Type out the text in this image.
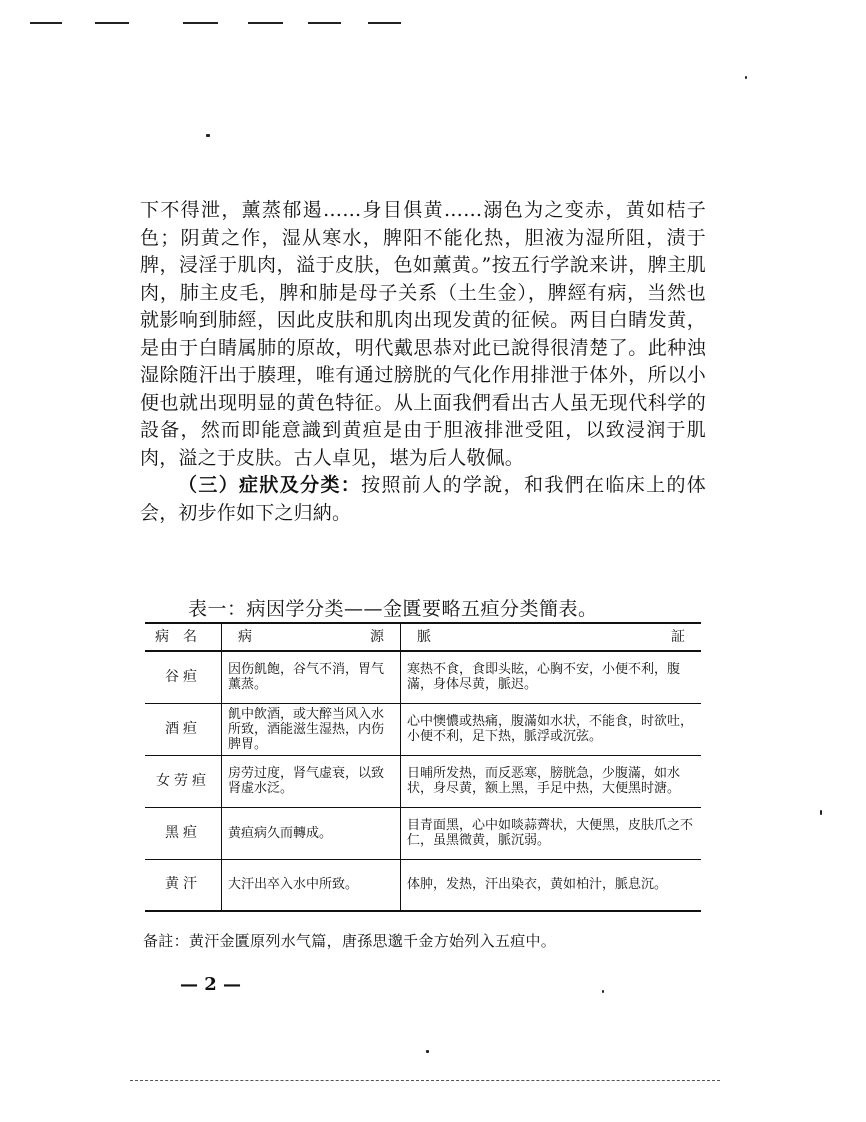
下不得泄，薰蒸郁遏……身目俱黄……溺色为之变赤，黄如桔子色；阴黄之作，湿从寒水，脾阳不能化热，胆液为湿所阻，渍于脾，浸淫于肌肉，溢于皮肤，色如薰黄。”按五行学說来讲，脾主肌肉，肺主皮毛，脾和肺是母子关系（土生金），脾經有病，当然也就影响到肺經，因此皮肤和肌肉出现发黄的征候。两目白睛发黄，是由于白睛属肺的原故，明代戴思恭对此已說得很清楚了。此种浊湿除随汗出于腠理，唯有通过膀胱的气化作用排泄于体外，所以小便也就出现明显的黄色特征。从上面我們看出古人虽无现代科学的設备，然而即能意識到黄疸是由于胆液排泄受阻，以致浸润于肌肉，溢之于皮肤。古人卓见，堪为后人敬佩。

（三）症狀及分类：按照前人的学說，和我們在临床上的体会，初步作如下之归納。

表一：病因学分类——金匱要略五疸分类簡表。
病名	病 源	脈 証

谷疸	因伤飢飽，谷气不消，胃气薰蒸。	寒热不食，食即头眩，心胸不安，小便不利，腹滿，身体尽黄，脈迟。
酒疸	飢中飲酒，或大醉当风入水所致，酒能滋生湿热，内伤脾胃。	心中懊憹或热痛，腹滿如水状，不能食，时欲吐，小便不利，足下热，脈浮或沉弦。
女劳疸	房劳过度，肾气虚衰，以致肾虚水泛。	日晡所发热，而反恶寒，膀胱急，少腹滿，如水状，身尽黄，额上黑，手足中热，大便黑时溏。
黑疸	黄疸病久而轉成。	目青面黑，心中如啖蒜薺状，大便黑，皮肤爪之不仁，虽黑微黄，脈沉弱。
黄汗	大汗出卒入水中所致。	体肿，发热，汗出染衣，黄如柏汁，脈息沉。
备註：黄汗金匱原列水气篇，唐孫思邈千金方始列入五疸中。
— 2 —
